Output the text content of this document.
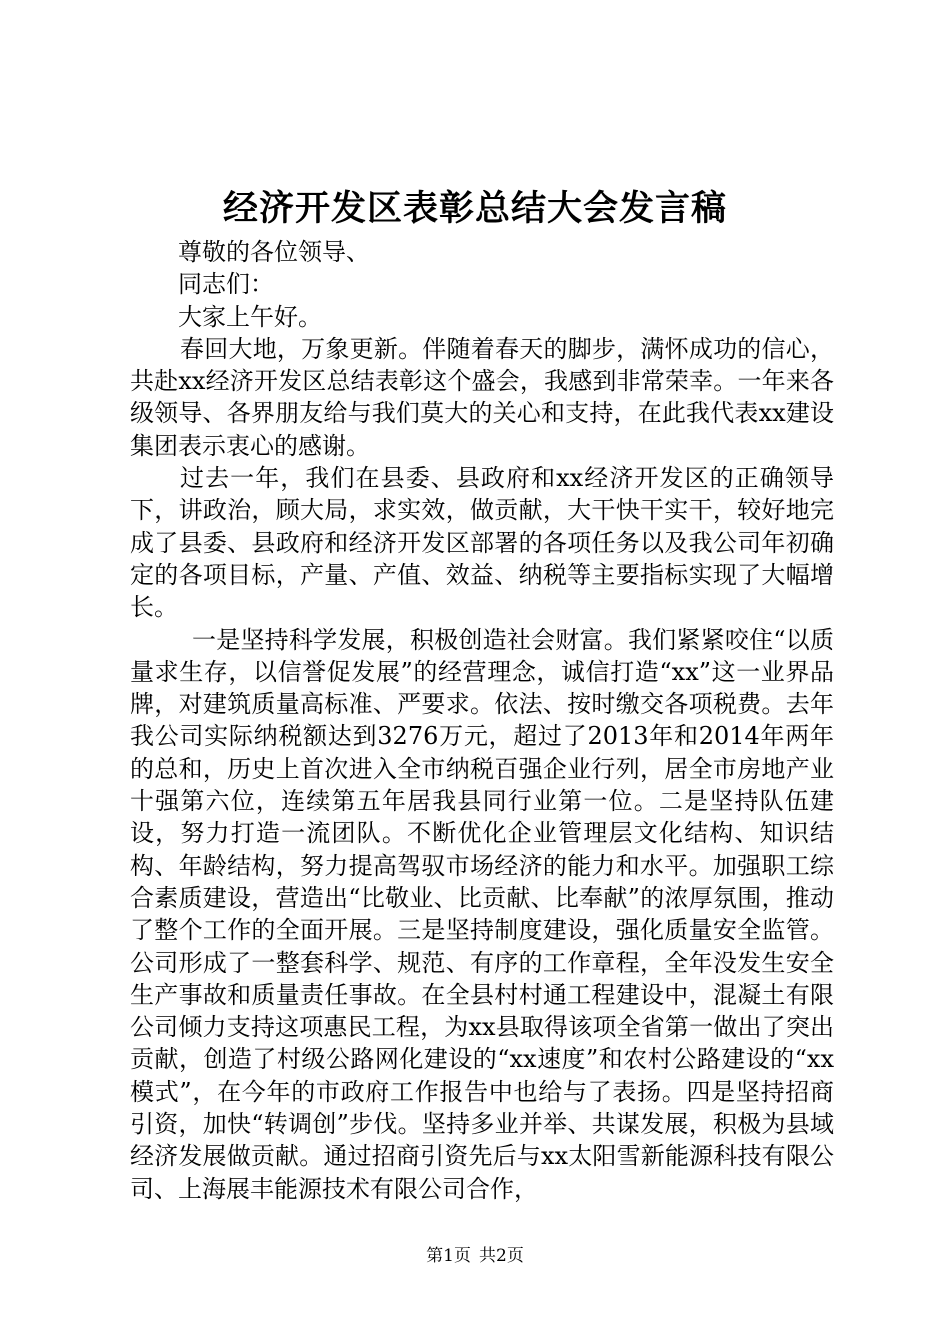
经济开发区表彰总结大会发言稿

尊敬的各位领导、

同志们：

大家上午好。

春回大地，万象更新。伴随着春天的脚步，满怀成功的信心，共赴xx经济开发区总结表彰这个盛会，我感到非常荣幸。一年来各级领导、各界朋友给与我们莫大的关心和支持，在此我代表xx建设集团表示衷心的感谢。

过去一年，我们在县委、县政府和xx经济开发区的正确领导下，讲政治，顾大局，求实效，做贡献，大干快干实干，较好地完成了县委、县政府和经济开发区部署的各项任务以及我公司年初确定的各项目标，产量、产值、效益、纳税等主要指标实现了大幅增长。

一是坚持科学发展，积极创造社会财富。我们紧紧咬住“以质量求生存，以信誉促发展”的经营理念，诚信打造“xx”这一业界品牌，对建筑质量高标准、严要求。依法、按时缴交各项税费。去年我公司实际纳税额达到3276万元，超过了2013年和2014年两年的总和，历史上首次进入全市纳税百强企业行列，居全市房地产业十强第六位，连续第五年居我县同行业第一位。二是坚持队伍建设，努力打造一流团队。不断优化企业管理层文化结构、知识结构、年龄结构，努力提高驾驭市场经济的能力和水平。加强职工综合素质建设，营造出“比敬业、比贡献、比奉献”的浓厚氛围，推动了整个工作的全面开展。三是坚持制度建设，强化质量安全监管。公司形成了一整套科学、规范、有序的工作章程，全年没发生安全生产事故和质量责任事故。在全县村村通工程建设中，混凝土有限公司倾力支持这项惠民工程，为xx县取得该项全省第一做出了突出贡献，创造了村级公路网化建设的“xx速度”和农村公路建设的“xx模式”，在今年的市政府工作报告中也给与了表扬。四是坚持招商引资，加快“转调创”步伐。坚持多业并举、共谋发展，积极为县域经济发展做贡献。通过招商引资先后与xx太阳雪新能源科技有限公司、上海展丰能源技术有限公司合作，

第1页 共2页
